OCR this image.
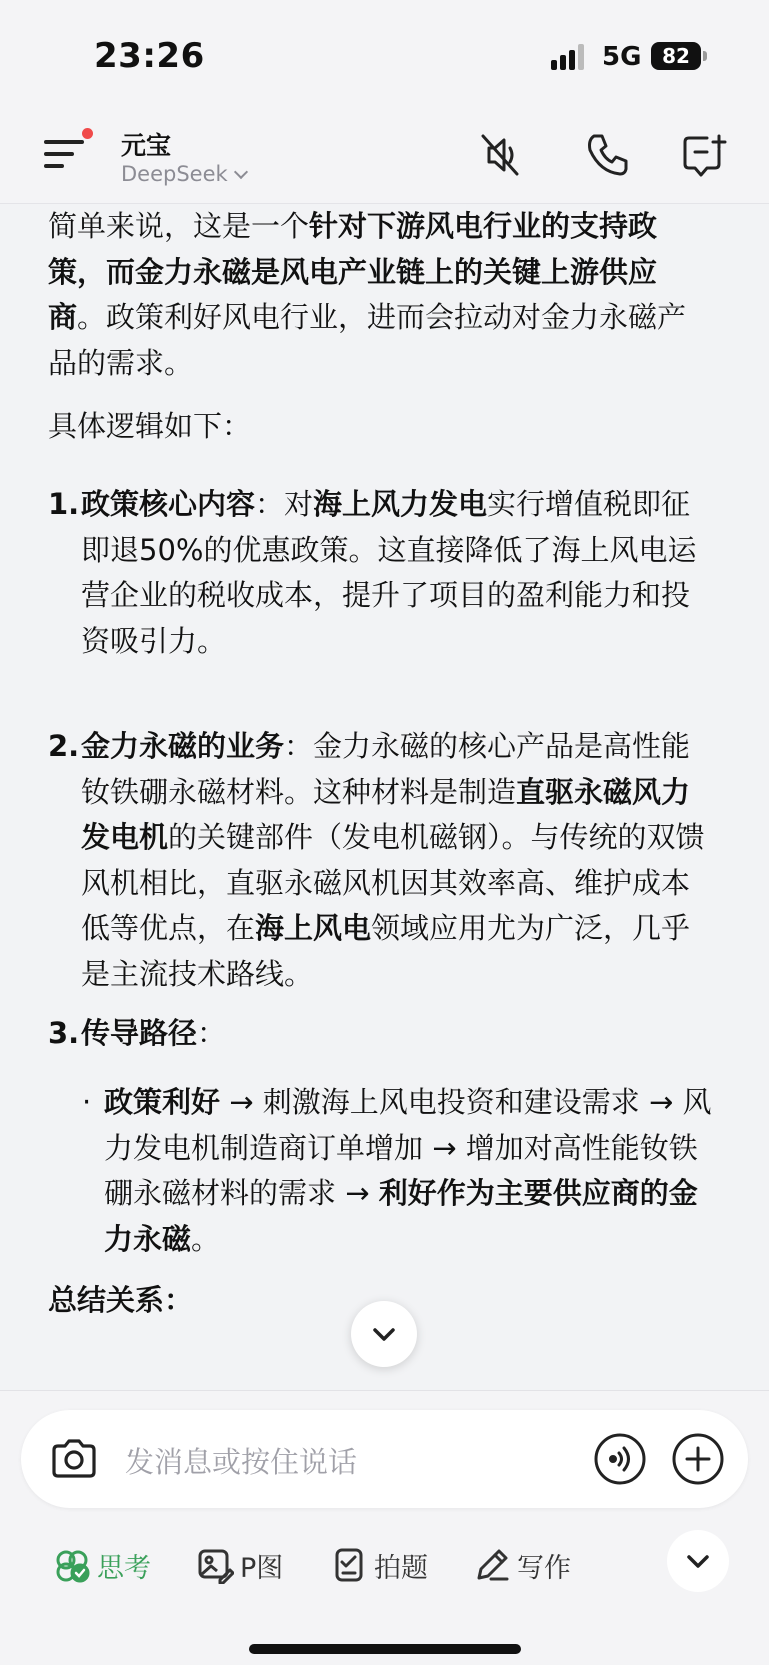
23:26	5G	82
元宝
DeepSeek

简单来说，这是一个针对下游风电行业的支持政策，而金力永磁是风电产业链上的关键上游供应商。政策利好风电行业，进而会拉动对金力永磁产品的需求。

具体逻辑如下：

1. 政策核心内容：对海上风力发电实行增值税即征即退50%的优惠政策。这直接降低了海上风电运营企业的税收成本，提升了项目的盈利能力和投资吸引力。

2. 金力永磁的业务：金力永磁的核心产品是高性能钕铁硼永磁材料。这种材料是制造直驱永磁风力发电机的关键部件（发电机磁钢）。与传统的双馈风机相比，直驱永磁风机因其效率高、维护成本低等优点，在海上风电领域应用尤为广泛，几乎是主流技术路线。

3. 传导路径：

· 政策利好 → 刺激海上风电投资和建设需求 → 风力发电机制造商订单增加 → 增加对高性能钕铁硼永磁材料的需求 → 利好作为主要供应商的金力永磁。

总结关系：

发消息或按住说话
思考	P图	拍题	写作
